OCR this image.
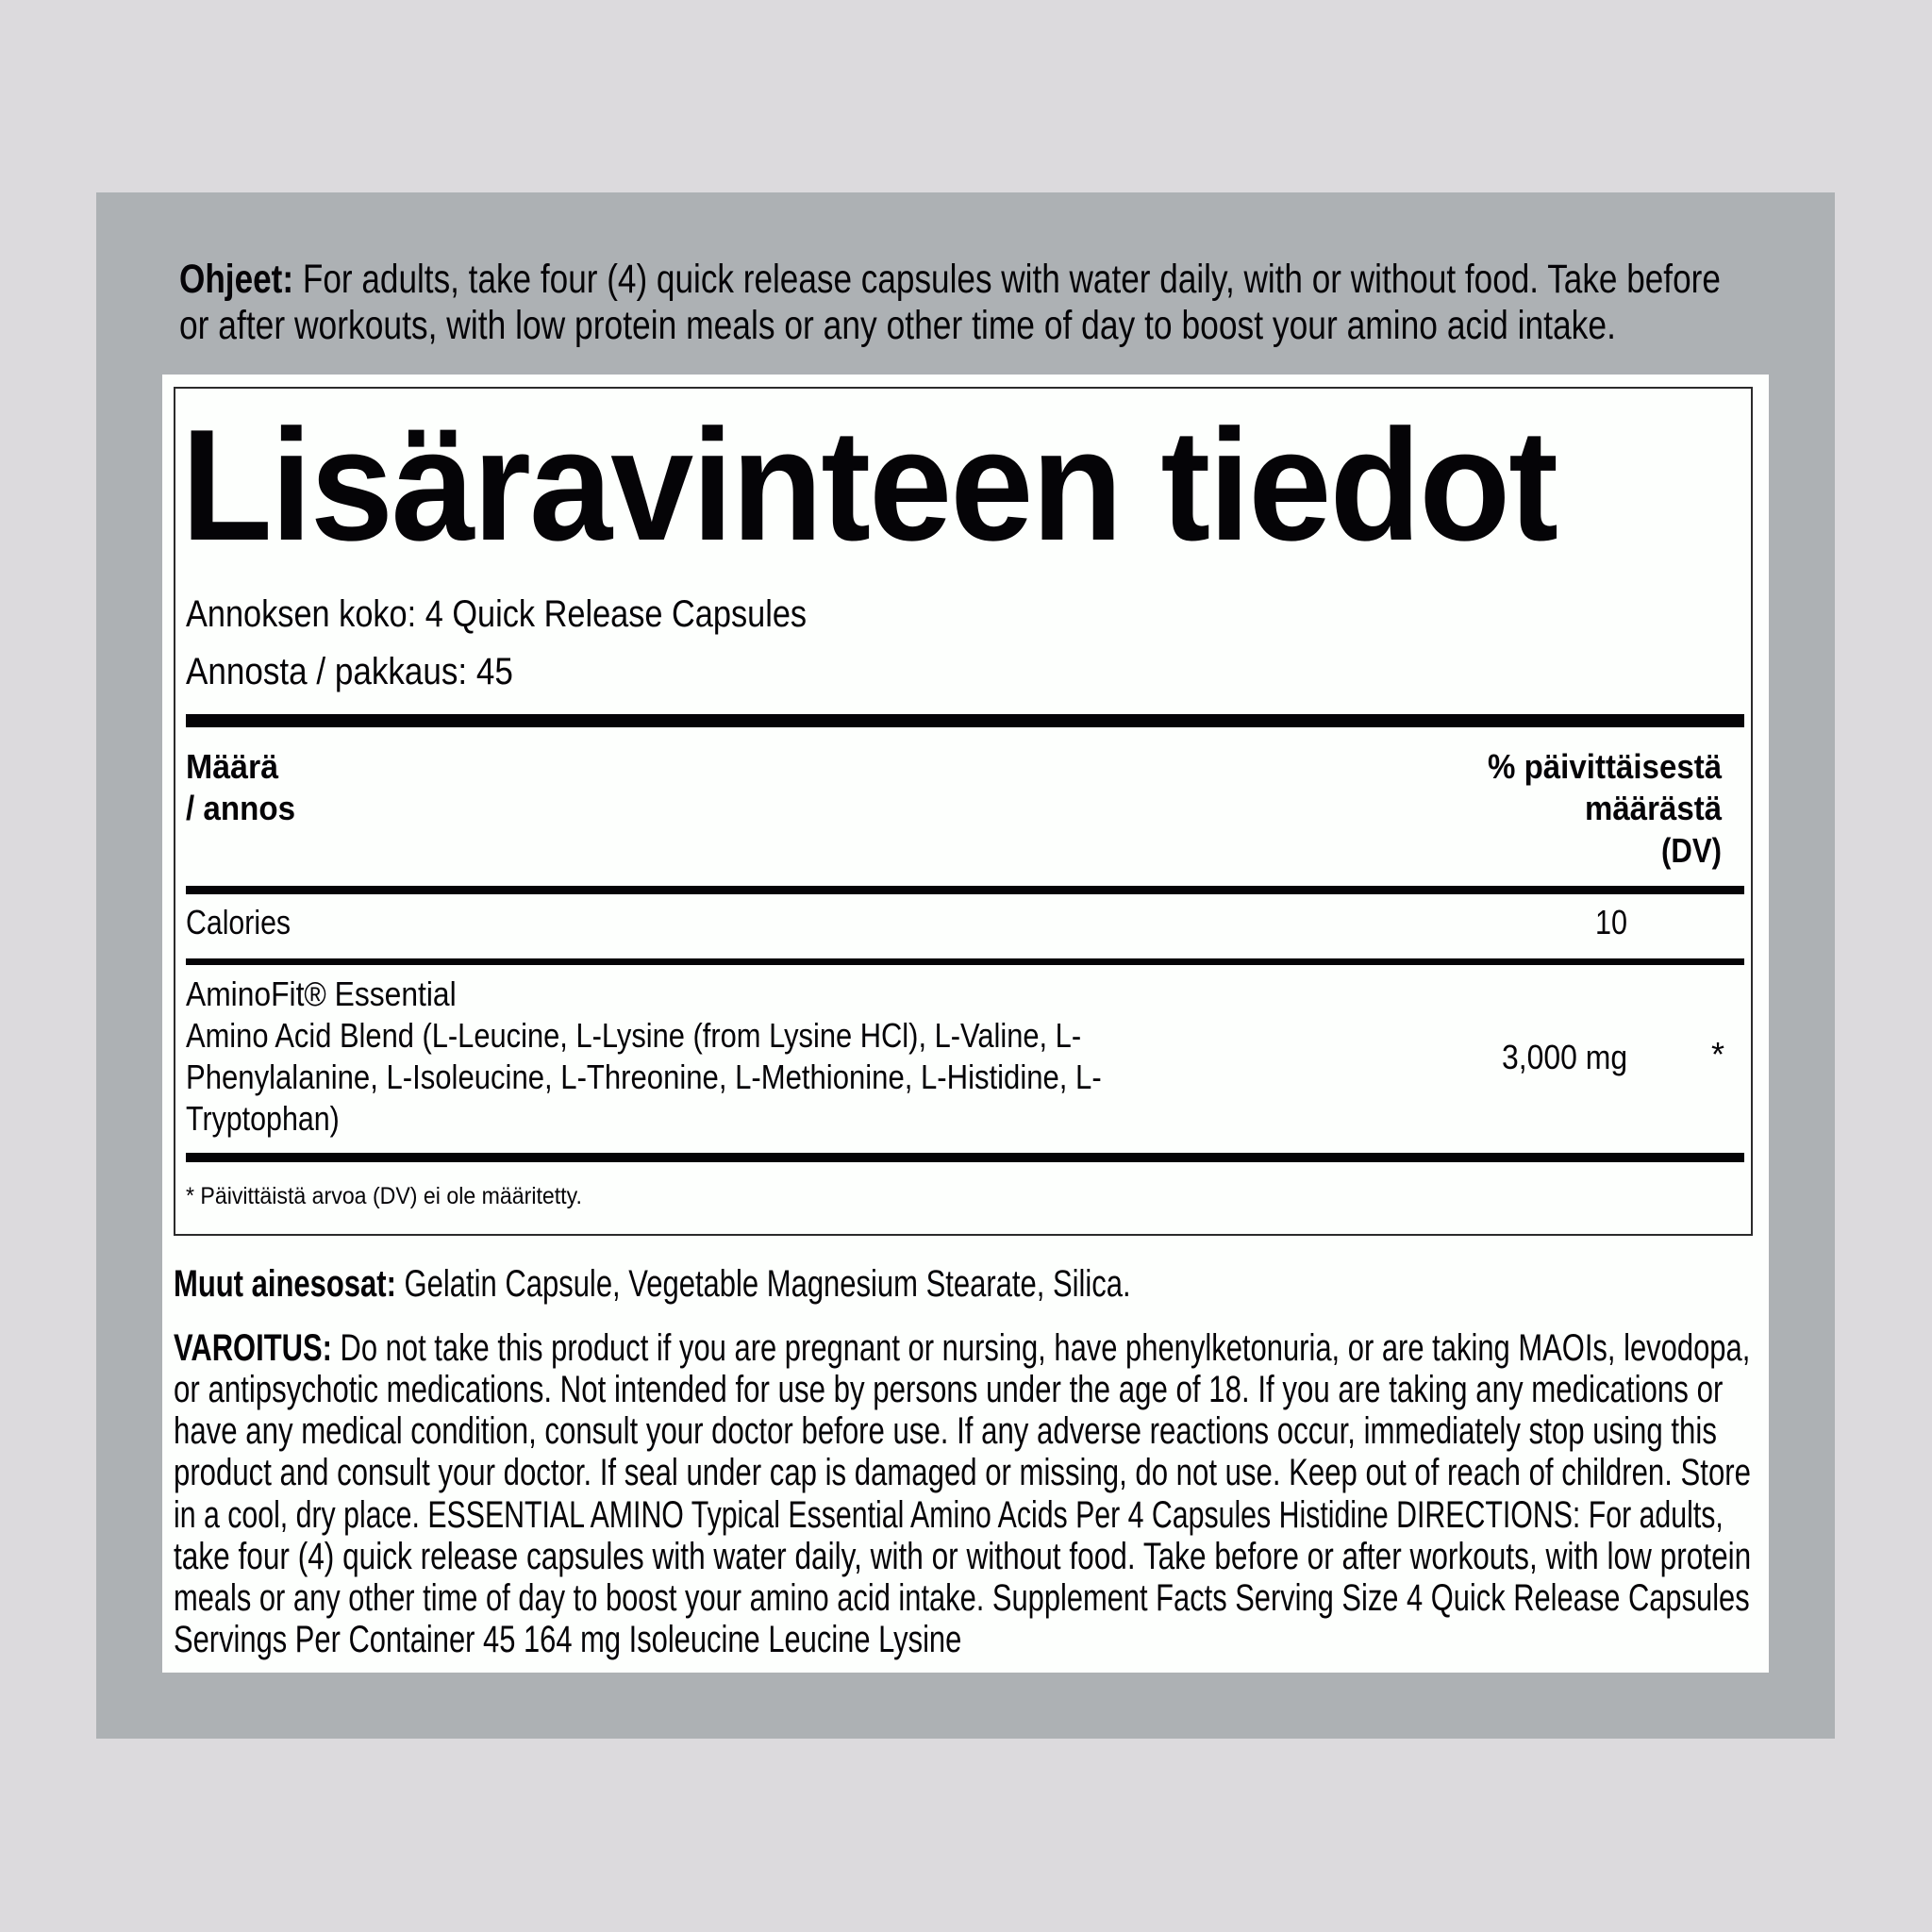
Ohjeet: For adults, take four (4) quick release capsules with water daily, with or without food. Take before
or after workouts, with low protein meals or any other time of day to boost your amino acid intake.
Lisäravinteen tiedot
Annoksen koko: 4 Quick Release Capsules
Annosta / pakkaus: 45
Määrä
/ annos
% päivittäisestä
määrästä
(DV)
Calories	10
AminoFit® Essential
Amino Acid Blend (L-Leucine, L-Lysine (from Lysine HCl), L-Valine, L-
Phenylalanine, L-Isoleucine, L-Threonine, L-Methionine, L-Histidine, L-
Tryptophan)
3,000 mg *
* Päivittäistä arvoa (DV) ei ole määritetty.
Muut ainesosat: Gelatin Capsule, Vegetable Magnesium Stearate, Silica.
VAROITUS: Do not take this product if you are pregnant or nursing, have phenylketonuria, or are taking MAOIs, levodopa,
or antipsychotic medications. Not intended for use by persons under the age of 18. If you are taking any medications or
have any medical condition, consult your doctor before use. If any adverse reactions occur, immediately stop using this
product and consult your doctor. If seal under cap is damaged or missing, do not use. Keep out of reach of children. Store
in a cool, dry place. ESSENTIAL AMINO Typical Essential Amino Acids Per 4 Capsules Histidine DIRECTIONS: For adults,
take four (4) quick release capsules with water daily, with or without food. Take before or after workouts, with low protein
meals or any other time of day to boost your amino acid intake. Supplement Facts Serving Size 4 Quick Release Capsules
Servings Per Container 45 164 mg Isoleucine Leucine Lysine
